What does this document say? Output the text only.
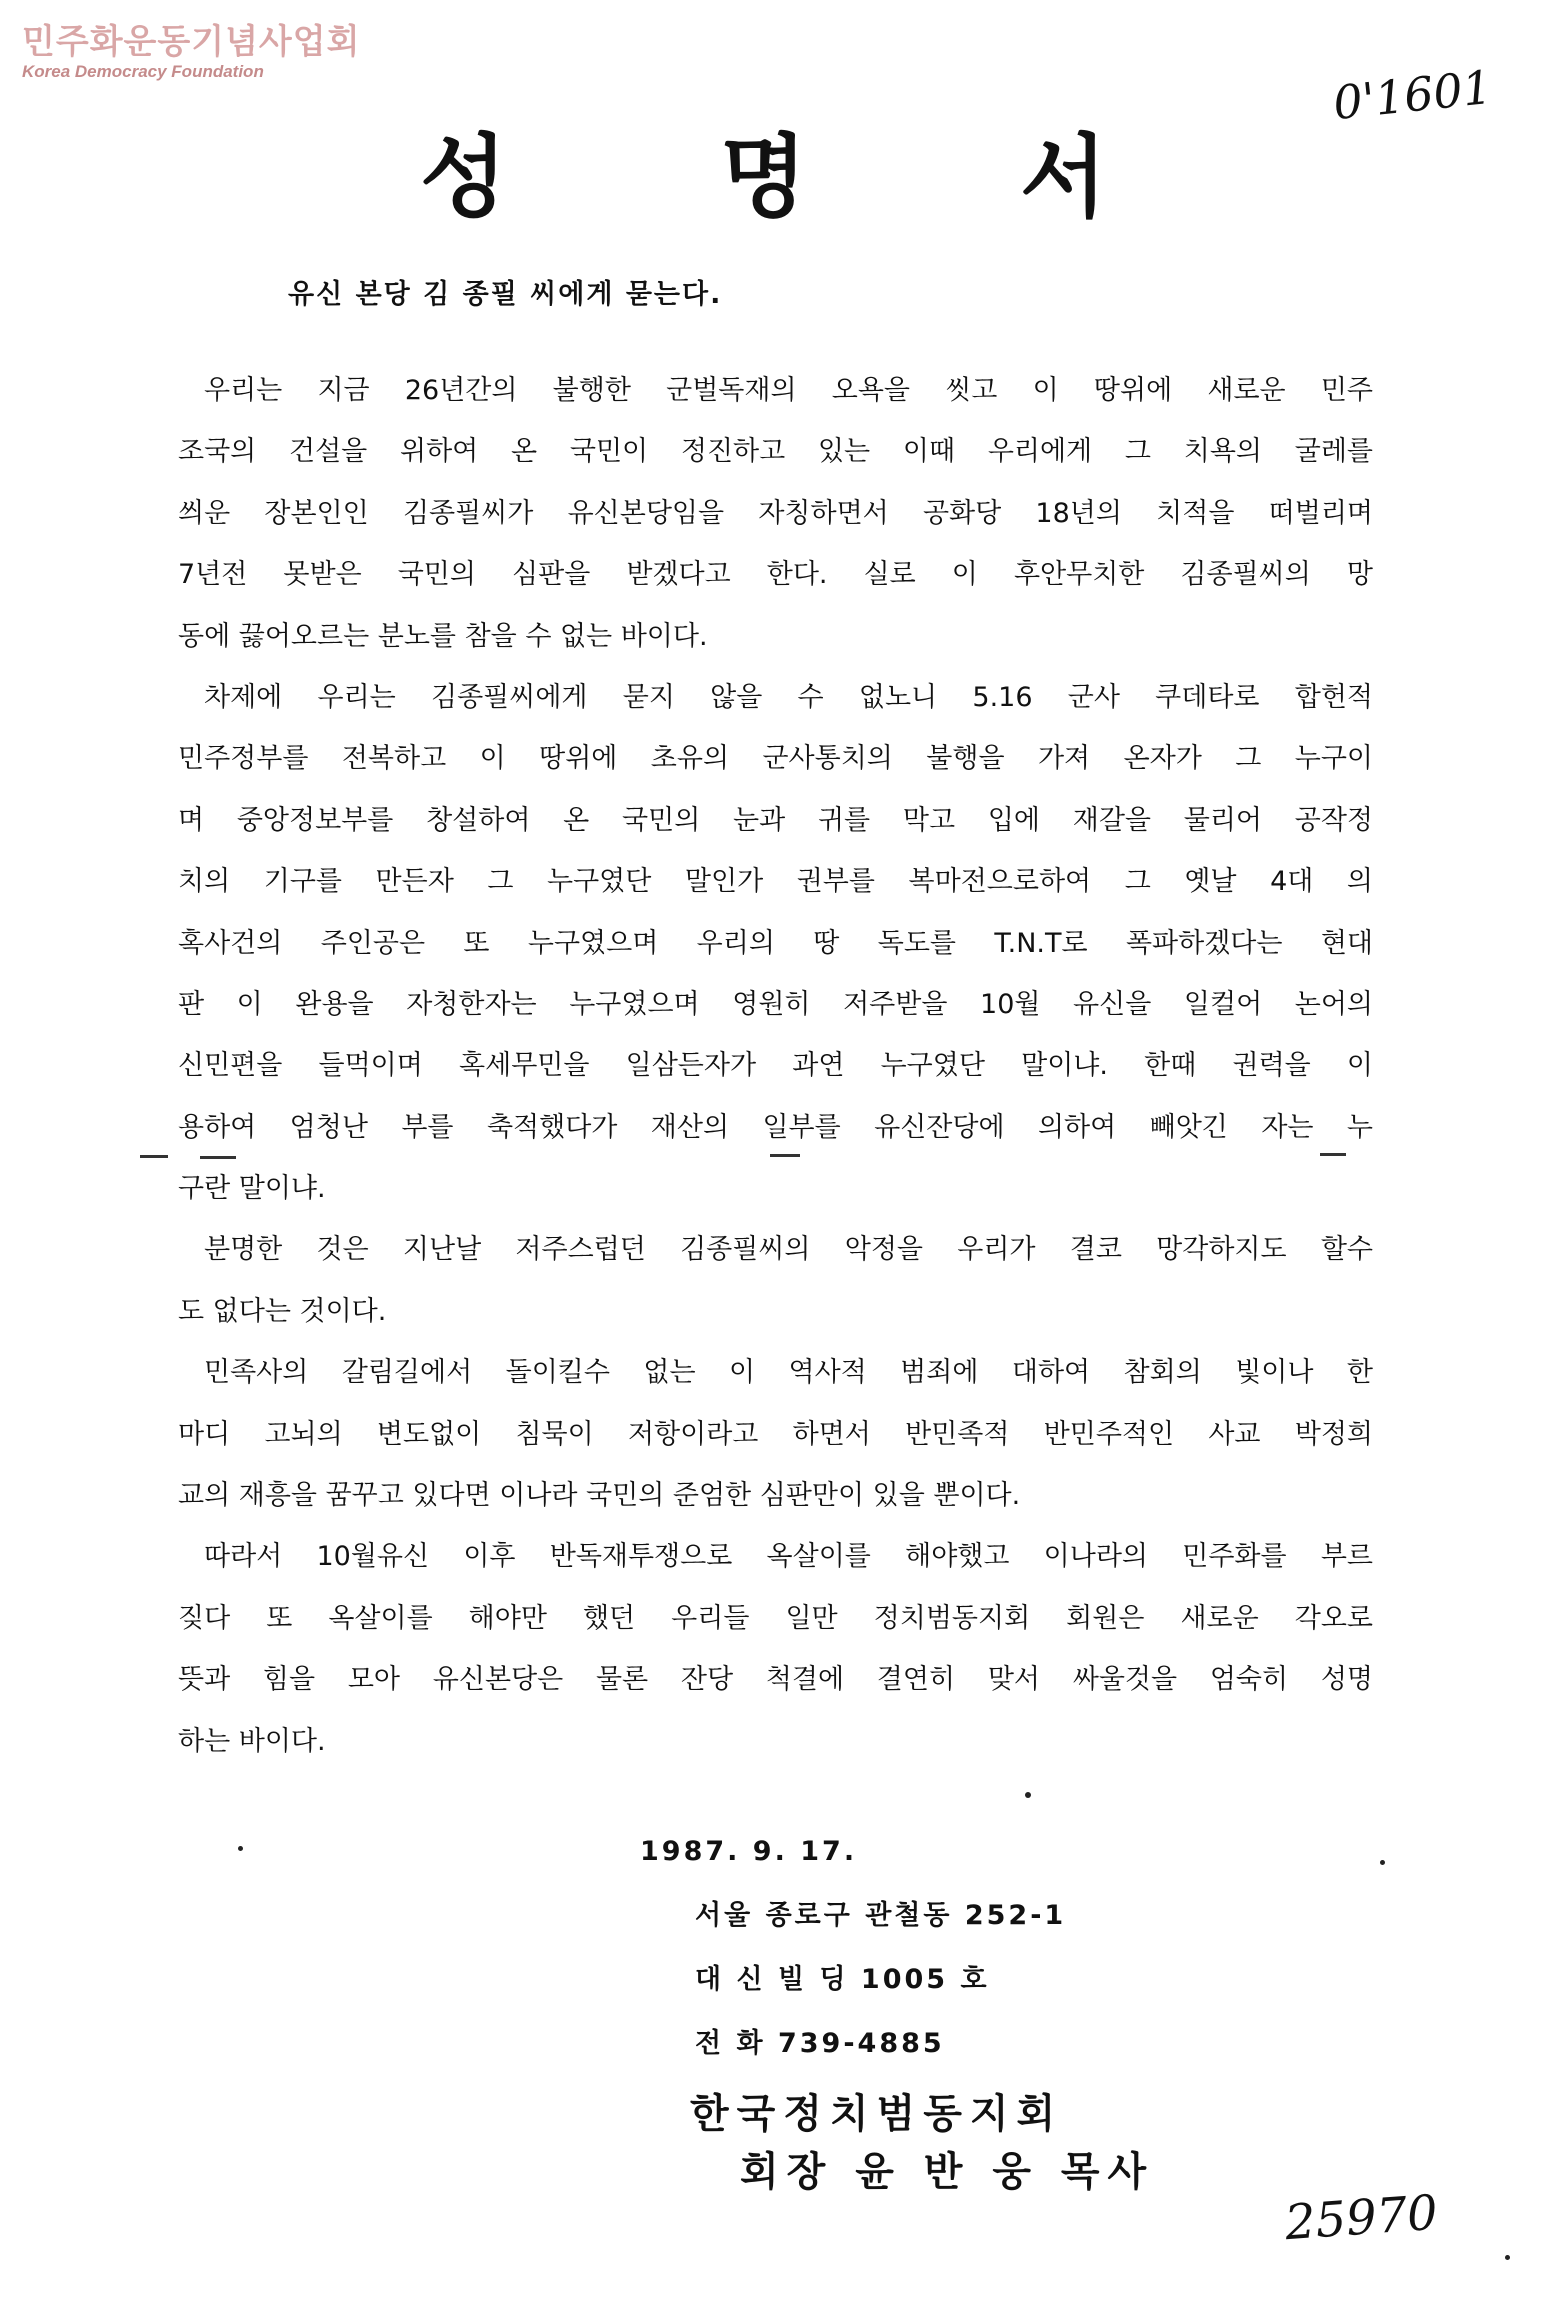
민주화운동기념사업회
Korea Democracy Foundation	0'1601
성 명 서
유신 본당 김 종필 씨에게 묻는다.
우리는 지금 26년간의 불행한 군벌독재의 오욕을 씻고 이 땅위에 새로운 민주
조국의 건설을 위하여 온 국민이 정진하고 있는 이때 우리에게 그 치욕의 굴레를
씌운 장본인인 김종필씨가 유신본당임을 자칭하면서 공화당 18년의 치적을 떠벌리며
7년전 못받은 국민의 심판을 받겠다고 한다. 실로 이 후안무치한 김종필씨의 망
동에 끓어오르는 분노를 참을 수 없는 바이다.
차제에 우리는 김종필씨에게 묻지 않을 수 없노니 5.16 군사 쿠데타로 합헌적
민주정부를 전복하고 이 땅위에 초유의 군사통치의 불행을 가져 온자가 그 누구이
며 중앙정보부를 창설하여 온 국민의 눈과 귀를 막고 입에 재갈을 물리어 공작정
치의 기구를 만든자 그 누구였단 말인가 권부를 복마전으로하여 그 옛날 4대 의
혹사건의 주인공은 또 누구였으며 우리의 땅 독도를 T.N.T로 폭파하겠다는 현대
판 이 완용을 자청한자는 누구였으며 영원히 저주받을 10월 유신을 일컬어 논어의
신민편을 들먹이며 혹세무민을 일삼든자가 과연 누구였단 말이냐. 한때 권력을 이
용하여 엄청난 부를 축적했다가 재산의 일부를 유신잔당에 의하여 빼앗긴 자는 누
구란 말이냐.
분명한 것은 지난날 저주스럽던 김종필씨의 악정을 우리가 결코 망각하지도 할수
도 없다는 것이다.
민족사의 갈림길에서 돌이킬수 없는 이 역사적 범죄에 대하여 참회의 빛이나 한
마디 고뇌의 변도없이 침묵이 저항이라고 하면서 반민족적 반민주적인 사교 박정희
교의 재흥을 꿈꾸고 있다면 이나라 국민의 준엄한 심판만이 있을 뿐이다.
따라서 10월유신 이후 반독재투쟁으로 옥살이를 해야했고 이나라의 민주화를 부르
짖다 또 옥살이를 해야만 했던 우리들 일만 정치범동지회 회원은 새로운 각오로
뜻과 힘을 모아 유신본당은 물론 잔당 척결에 결연히 맞서 싸울것을 엄숙히 성명
하는 바이다.
1987. 9. 17.
서울 종로구 관철동 252-1
대 신 빌 딩 1005 호
전 화 739-4885
한국정치범동지회
회장 윤 반 웅 목사
25970
